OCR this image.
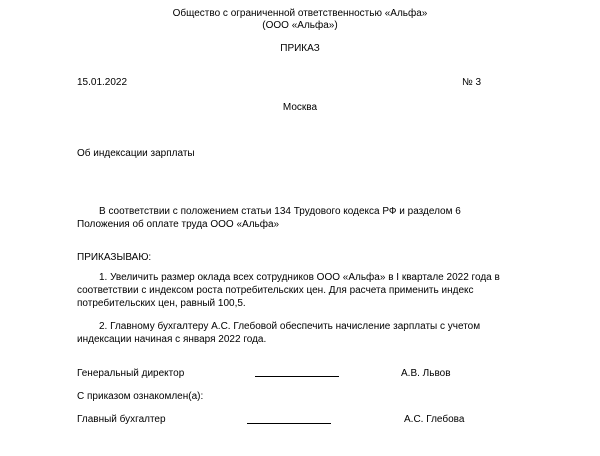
Общество с ограниченной ответственностью «Альфа»
(ООО «Альфа»)
ПРИКАЗ
15.01.2022	№ 3
Москва
Об индексации зарплаты
В соответствии с положением статьи 134 Трудового кодекса РФ и разделом 6 Положения об оплате труда ООО «Альфа»
ПРИКАЗЫВАЮ:
1. Увеличить размер оклада всех сотрудников ООО «Альфа» в I квартале 2022 года в соответствии с индексом роста потребительских цен. Для расчета применить индекс потребительских цен, равный 100,5.
2. Главному бухгалтеру А.С. Глебовой обеспечить начисление зарплаты с учетом индексации начиная с января 2022 года.
Генеральный директор	А.В. Львов
С приказом ознакомлен(а):
Главный бухгалтер	А.С. Глебова
